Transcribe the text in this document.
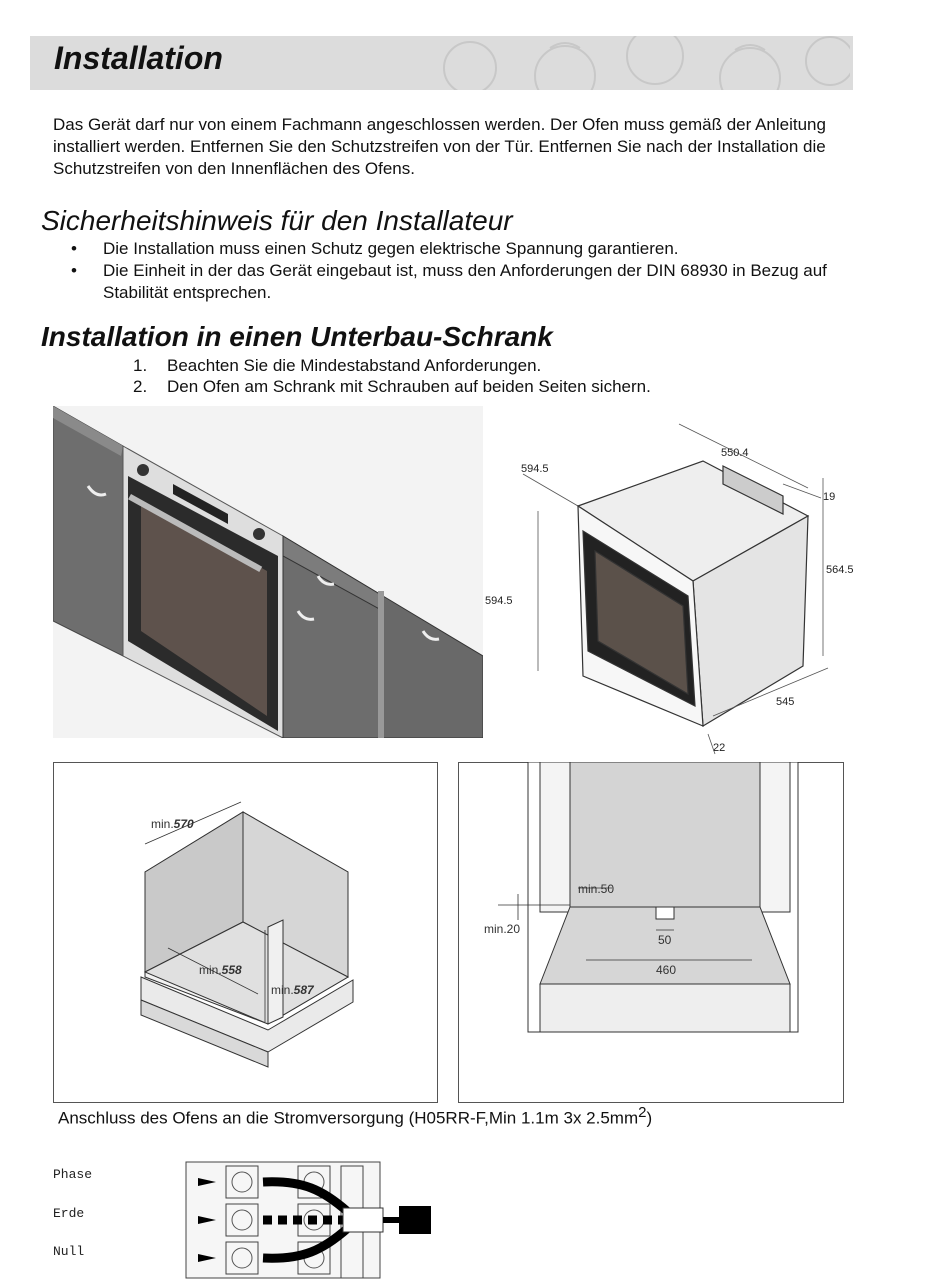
Installation

Das Gerät darf nur von einem Fachmann angeschlossen werden. Der Ofen muss gemäß der Anleitung installiert werden. Entfernen Sie den Schutzstreifen von der Tür. Entfernen Sie nach der Installation die Schutzstreifen von den Innenflächen des Ofens.

Sicherheitshinweis für den Installateur
• Die Installation muss einen Schutz gegen elektrische Spannung garantieren.
• Die Einheit in der das Gerät eingebaut ist, muss den Anforderungen der DIN 68930 in Bezug auf Stabilität entsprechen.
Installation in einen Unterbau-Schrank
1. Beachten Sie die Mindestabstand Anforderungen.
2. Den Ofen am Schrank mit Schrauben auf beiden Seiten sichern.
594.5
550.4
19
564.5
594.5
545
22
min.570
min.558
min.587
min.50
min.20
50
460

Anschluss des Ofens an die Stromversorgung (H05RR-F,Min 1.1m 3x $2.5mm^2$)

Phase
Erde
Null
